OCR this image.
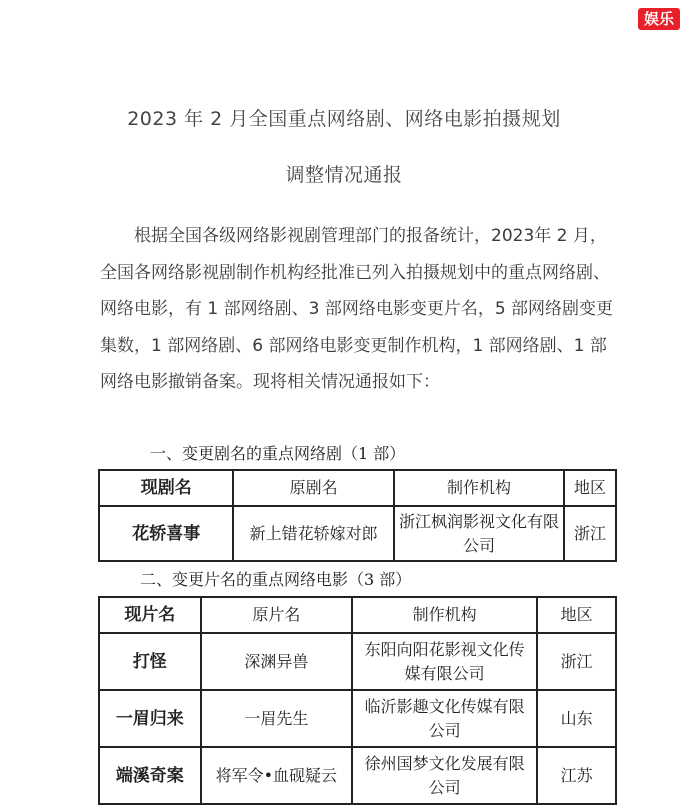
娱乐
2023 年 2 月全国重点网络剧、网络电影拍摄规划
调整情况通报

根据全国各级网络影视剧管理部门的报备统计，2023年 2 月，全国各网络影视剧制作机构经批准已列入拍摄规划中的重点网络剧、网络电影，有 1 部网络剧、3 部网络电影变更片名，5 部网络剧变更集数，1 部网络剧、6 部网络电影变更制作机构，1 部网络剧、1 部网络电影撤销备案。现将相关情况通报如下：

一、变更剧名的重点网络剧（1 部）

现剧名	原剧名	制作机构	地区
花轿喜事	新上错花轿嫁对郎	浙江枫润影视文化有限公司	浙江

二、变更片名的重点网络电影（3 部）

现片名	原片名	制作机构	地区
打怪	深渊异兽	东阳向阳花影视文化传媒有限公司	浙江
一眉归来	一眉先生	临沂影趣文化传媒有限公司	山东
端溪奇案	将军令•血砚疑云	徐州国梦文化发展有限公司	江苏
